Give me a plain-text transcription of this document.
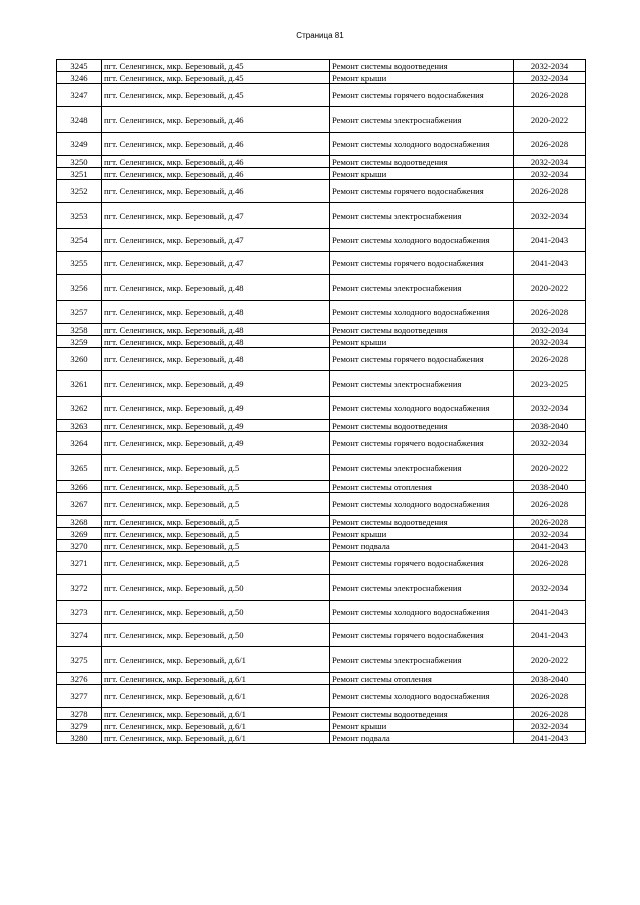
Страница 81
3245	пгт. Селенгинск, мкр. Березовый, д.45	Ремонт системы водоотведения	2032-2034
3246	пгт. Селенгинск, мкр. Березовый, д.45	Ремонт крыши	2032-2034
3247	пгт. Селенгинск, мкр. Березовый, д.45	Ремонт системы горячего водоснабжения	2026-2028
3248	пгт. Селенгинск, мкр. Березовый, д.46	Ремонт системы электроснабжения	2020-2022
3249	пгт. Селенгинск, мкр. Березовый, д.46	Ремонт системы холодного водоснабжения	2026-2028
3250	пгт. Селенгинск, мкр. Березовый, д.46	Ремонт системы водоотведения	2032-2034
3251	пгт. Селенгинск, мкр. Березовый, д.46	Ремонт крыши	2032-2034
3252	пгт. Селенгинск, мкр. Березовый, д.46	Ремонт системы горячего водоснабжения	2026-2028
3253	пгт. Селенгинск, мкр. Березовый, д.47	Ремонт системы электроснабжения	2032-2034
3254	пгт. Селенгинск, мкр. Березовый, д.47	Ремонт системы холодного водоснабжения	2041-2043
3255	пгт. Селенгинск, мкр. Березовый, д.47	Ремонт системы горячего водоснабжения	2041-2043
3256	пгт. Селенгинск, мкр. Березовый, д.48	Ремонт системы электроснабжения	2020-2022
3257	пгт. Селенгинск, мкр. Березовый, д.48	Ремонт системы холодного водоснабжения	2026-2028
3258	пгт. Селенгинск, мкр. Березовый, д.48	Ремонт системы водоотведения	2032-2034
3259	пгт. Селенгинск, мкр. Березовый, д.48	Ремонт крыши	2032-2034
3260	пгт. Селенгинск, мкр. Березовый, д.48	Ремонт системы горячего водоснабжения	2026-2028
3261	пгт. Селенгинск, мкр. Березовый, д.49	Ремонт системы электроснабжения	2023-2025
3262	пгт. Селенгинск, мкр. Березовый, д.49	Ремонт системы холодного водоснабжения	2032-2034
3263	пгт. Селенгинск, мкр. Березовый, д.49	Ремонт системы водоотведения	2038-2040
3264	пгт. Селенгинск, мкр. Березовый, д.49	Ремонт системы горячего водоснабжения	2032-2034
3265	пгт. Селенгинск, мкр. Березовый, д.5	Ремонт системы электроснабжения	2020-2022
3266	пгт. Селенгинск, мкр. Березовый, д.5	Ремонт системы отопления	2038-2040
3267	пгт. Селенгинск, мкр. Березовый, д.5	Ремонт системы холодного водоснабжения	2026-2028
3268	пгт. Селенгинск, мкр. Березовый, д.5	Ремонт системы водоотведения	2026-2028
3269	пгт. Селенгинск, мкр. Березовый, д.5	Ремонт крыши	2032-2034
3270	пгт. Селенгинск, мкр. Березовый, д.5	Ремонт подвала	2041-2043
3271	пгт. Селенгинск, мкр. Березовый, д.5	Ремонт системы горячего водоснабжения	2026-2028
3272	пгт. Селенгинск, мкр. Березовый, д.50	Ремонт системы электроснабжения	2032-2034
3273	пгт. Селенгинск, мкр. Березовый, д.50	Ремонт системы холодного водоснабжения	2041-2043
3274	пгт. Селенгинск, мкр. Березовый, д.50	Ремонт системы горячего водоснабжения	2041-2043
3275	пгт. Селенгинск, мкр. Березовый, д.6/1	Ремонт системы электроснабжения	2020-2022
3276	пгт. Селенгинск, мкр. Березовый, д.6/1	Ремонт системы отопления	2038-2040
3277	пгт. Селенгинск, мкр. Березовый, д.6/1	Ремонт системы холодного водоснабжения	2026-2028
3278	пгт. Селенгинск, мкр. Березовый, д.6/1	Ремонт системы водоотведения	2026-2028
3279	пгт. Селенгинск, мкр. Березовый, д.6/1	Ремонт крыши	2032-2034
3280	пгт. Селенгинск, мкр. Березовый, д.6/1	Ремонт подвала	2041-2043
